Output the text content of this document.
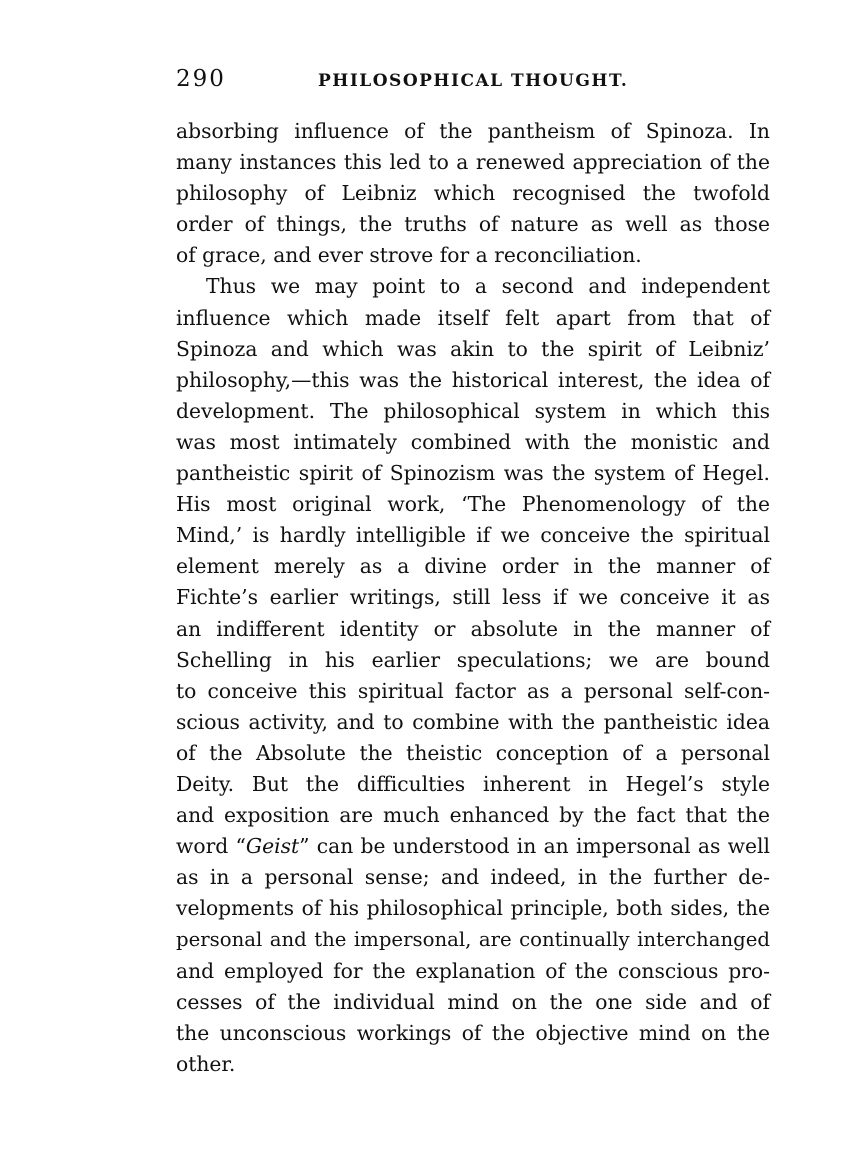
290	PHILOSOPHICAL THOUGHT.
absorbing influence of the pantheism of Spinoza. In
many instances this led to a renewed appreciation of the
philosophy of Leibniz which recognised the twofold
order of things, the truths of nature as well as those
of grace, and ever strove for a reconciliation.
Thus we may point to a second and independent
influence which made itself felt apart from that of
Spinoza and which was akin to the spirit of Leibniz’
philosophy,—this was the historical interest, the idea of
development. The philosophical system in which this
was most intimately combined with the monistic and
pantheistic spirit of Spinozism was the system of Hegel.
His most original work, ‘The Phenomenology of the
Mind,’ is hardly intelligible if we conceive the spiritual
element merely as a divine order in the manner of
Fichte’s earlier writings, still less if we conceive it as
an indifferent identity or absolute in the manner of
Schelling in his earlier speculations; we are bound
to conceive this spiritual factor as a personal self-con-
scious activity, and to combine with the pantheistic idea
of the Absolute the theistic conception of a personal
Deity. But the difficulties inherent in Hegel’s style
and exposition are much enhanced by the fact that the
word “Geist” can be understood in an impersonal as well
as in a personal sense; and indeed, in the further de-
velopments of his philosophical principle, both sides, the
personal and the impersonal, are continually interchanged
and employed for the explanation of the conscious pro-
cesses of the individual mind on the one side and of
the unconscious workings of the objective mind on the
other.
